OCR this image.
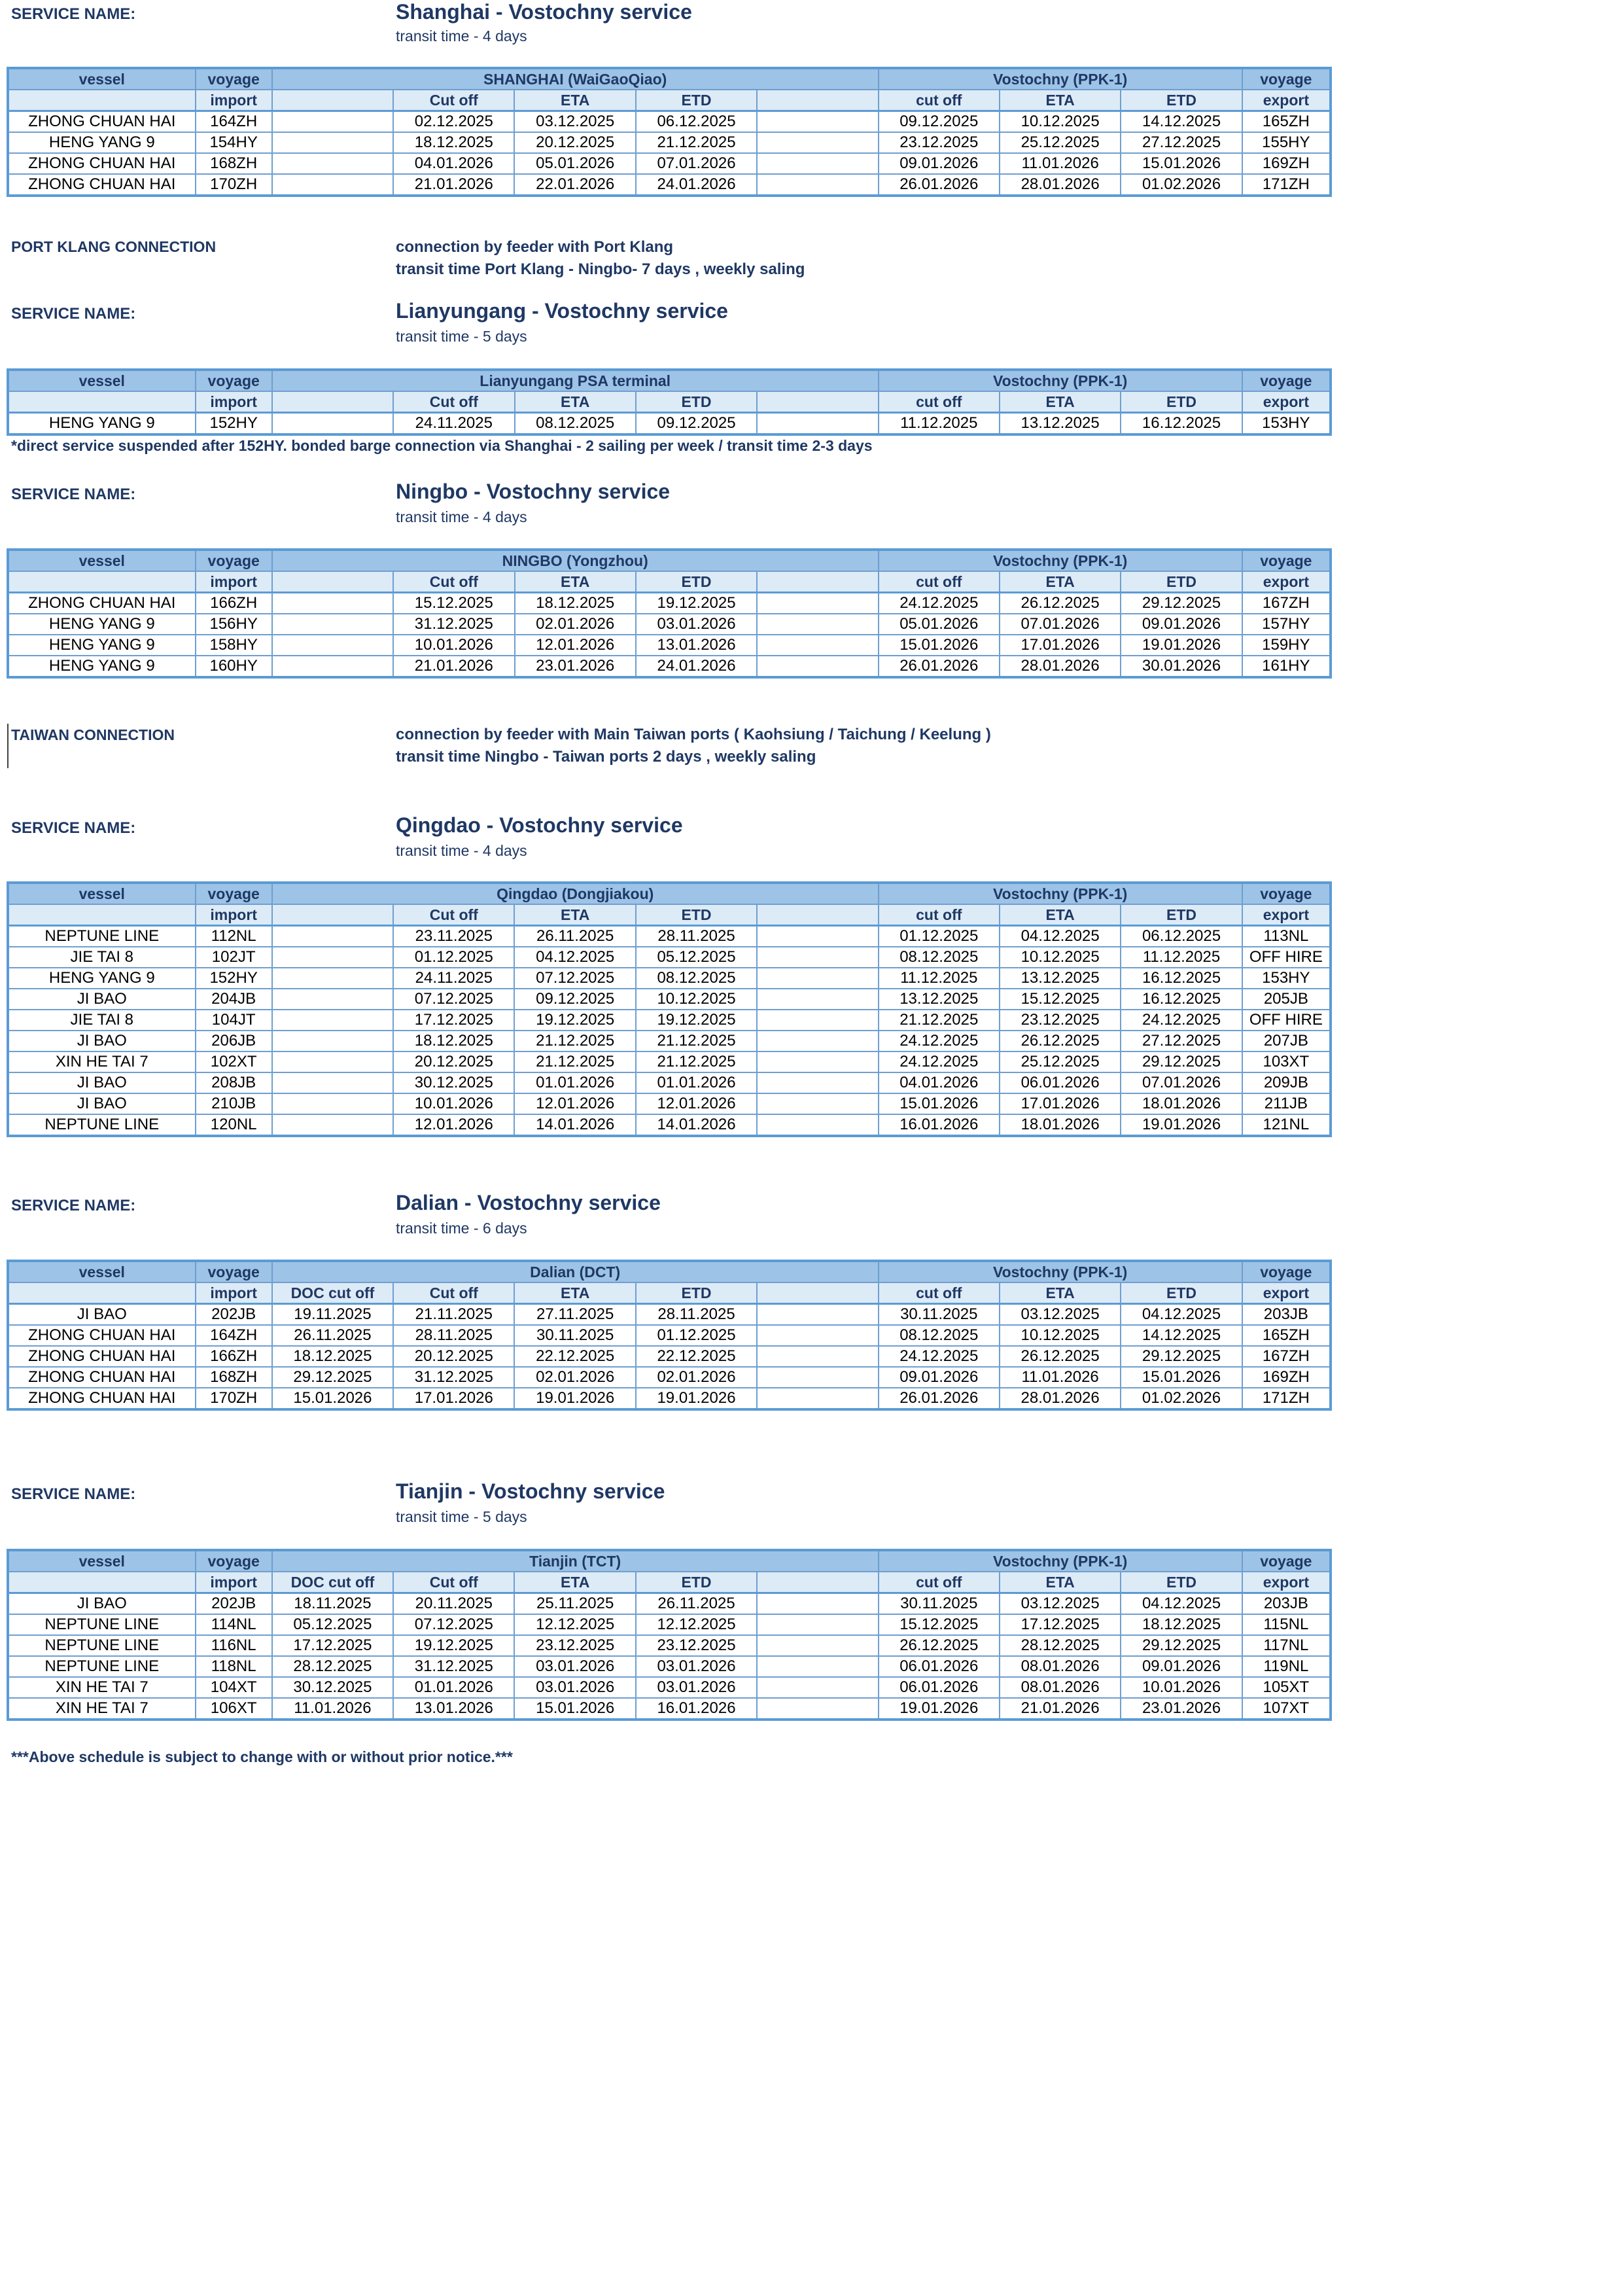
SERVICE NAME:	Shanghai - Vostochny service
transit time - 4 days
vessel	voyage	SHANGHAI (WaiGaoQiao)					Vostochny (PPK-1)			voyage
	import		Cut off	ETA	ETD		cut off	ETA	ETD	export
ZHONG CHUAN HAI	164ZH		02.12.2025	03.12.2025	06.12.2025		09.12.2025	10.12.2025	14.12.2025	165ZH
HENG YANG 9	154HY		18.12.2025	20.12.2025	21.12.2025		23.12.2025	25.12.2025	27.12.2025	155HY
ZHONG CHUAN HAI	168ZH		04.01.2026	05.01.2026	07.01.2026		09.01.2026	11.01.2026	15.01.2026	169ZH
ZHONG CHUAN HAI	170ZH		21.01.2026	22.01.2026	24.01.2026		26.01.2026	28.01.2026	01.02.2026	171ZH
PORT KLANG CONNECTION	connection by feeder with Port Klang
transit time Port Klang - Ningbo- 7 days , weekly saling
SERVICE NAME:	Lianyungang - Vostochny service
transit time - 5 days
vessel	voyage	Lianyungang PSA terminal					Vostochny (PPK-1)			voyage
	import		Cut off	ETA	ETD		cut off	ETA	ETD	export
HENG YANG 9	152HY		24.11.2025	08.12.2025	09.12.2025		11.12.2025	13.12.2025	16.12.2025	153HY
*direct service suspended after 152HY. bonded barge connection via Shanghai - 2 sailing per week / transit time 2-3 days
SERVICE NAME:	Ningbo - Vostochny service
transit time - 4 days
vessel	voyage	NINGBO (Yongzhou)					Vostochny (PPK-1)			voyage
	import		Cut off	ETA	ETD		cut off	ETA	ETD	export
ZHONG CHUAN HAI	166ZH		15.12.2025	18.12.2025	19.12.2025		24.12.2025	26.12.2025	29.12.2025	167ZH
HENG YANG 9	156HY		31.12.2025	02.01.2026	03.01.2026		05.01.2026	07.01.2026	09.01.2026	157HY
HENG YANG 9	158HY		10.01.2026	12.01.2026	13.01.2026		15.01.2026	17.01.2026	19.01.2026	159HY
HENG YANG 9	160HY		21.01.2026	23.01.2026	24.01.2026		26.01.2026	28.01.2026	30.01.2026	161HY
TAIWAN CONNECTION	connection by feeder with Main Taiwan ports ( Kaohsiung / Taichung / Keelung )
transit time Ningbo - Taiwan ports 2 days , weekly saling
SERVICE NAME:	Qingdao - Vostochny service
transit time - 4 days
vessel	voyage	Qingdao (Dongjiakou)					Vostochny (PPK-1)			voyage
	import		Cut off	ETA	ETD		cut off	ETA	ETD	export
NEPTUNE LINE	112NL		23.11.2025	26.11.2025	28.11.2025		01.12.2025	04.12.2025	06.12.2025	113NL
JIE TAI 8	102JT		01.12.2025	04.12.2025	05.12.2025		08.12.2025	10.12.2025	11.12.2025	OFF HIRE
HENG YANG 9	152HY		24.11.2025	07.12.2025	08.12.2025		11.12.2025	13.12.2025	16.12.2025	153HY
JI BAO	204JB		07.12.2025	09.12.2025	10.12.2025		13.12.2025	15.12.2025	16.12.2025	205JB
JIE TAI 8	104JT		17.12.2025	19.12.2025	19.12.2025		21.12.2025	23.12.2025	24.12.2025	OFF HIRE
JI BAO	206JB		18.12.2025	21.12.2025	21.12.2025		24.12.2025	26.12.2025	27.12.2025	207JB
XIN HE TAI 7	102XT		20.12.2025	21.12.2025	21.12.2025		24.12.2025	25.12.2025	29.12.2025	103XT
JI BAO	208JB		30.12.2025	01.01.2026	01.01.2026		04.01.2026	06.01.2026	07.01.2026	209JB
JI BAO	210JB		10.01.2026	12.01.2026	12.01.2026		15.01.2026	17.01.2026	18.01.2026	211JB
NEPTUNE LINE	120NL		12.01.2026	14.01.2026	14.01.2026		16.01.2026	18.01.2026	19.01.2026	121NL
SERVICE NAME:	Dalian - Vostochny service
transit time - 6 days
vessel	voyage	Dalian (DCT)					Vostochny (PPK-1)			voyage
	import	DOC cut off	Cut off	ETA	ETD		cut off	ETA	ETD	export
JI BAO	202JB	19.11.2025	21.11.2025	27.11.2025	28.11.2025		30.11.2025	03.12.2025	04.12.2025	203JB
ZHONG CHUAN HAI	164ZH	26.11.2025	28.11.2025	30.11.2025	01.12.2025		08.12.2025	10.12.2025	14.12.2025	165ZH
ZHONG CHUAN HAI	166ZH	18.12.2025	20.12.2025	22.12.2025	22.12.2025		24.12.2025	26.12.2025	29.12.2025	167ZH
ZHONG CHUAN HAI	168ZH	29.12.2025	31.12.2025	02.01.2026	02.01.2026		09.01.2026	11.01.2026	15.01.2026	169ZH
ZHONG CHUAN HAI	170ZH	15.01.2026	17.01.2026	19.01.2026	19.01.2026		26.01.2026	28.01.2026	01.02.2026	171ZH
SERVICE NAME:	Tianjin - Vostochny service
transit time - 5 days
vessel	voyage	Tianjin (TCT)					Vostochny (PPK-1)			voyage
	import	DOC cut off	Cut off	ETA	ETD		cut off	ETA	ETD	export
JI BAO	202JB	18.11.2025	20.11.2025	25.11.2025	26.11.2025		30.11.2025	03.12.2025	04.12.2025	203JB
NEPTUNE LINE	114NL	05.12.2025	07.12.2025	12.12.2025	12.12.2025		15.12.2025	17.12.2025	18.12.2025	115NL
NEPTUNE LINE	116NL	17.12.2025	19.12.2025	23.12.2025	23.12.2025		26.12.2025	28.12.2025	29.12.2025	117NL
NEPTUNE LINE	118NL	28.12.2025	31.12.2025	03.01.2026	03.01.2026		06.01.2026	08.01.2026	09.01.2026	119NL
XIN HE TAI 7	104XT	30.12.2025	01.01.2026	03.01.2026	03.01.2026		06.01.2026	08.01.2026	10.01.2026	105XT
XIN HE TAI 7	106XT	11.01.2026	13.01.2026	15.01.2026	16.01.2026		19.01.2026	21.01.2026	23.01.2026	107XT
***Above schedule is subject to change with or without prior notice.***
